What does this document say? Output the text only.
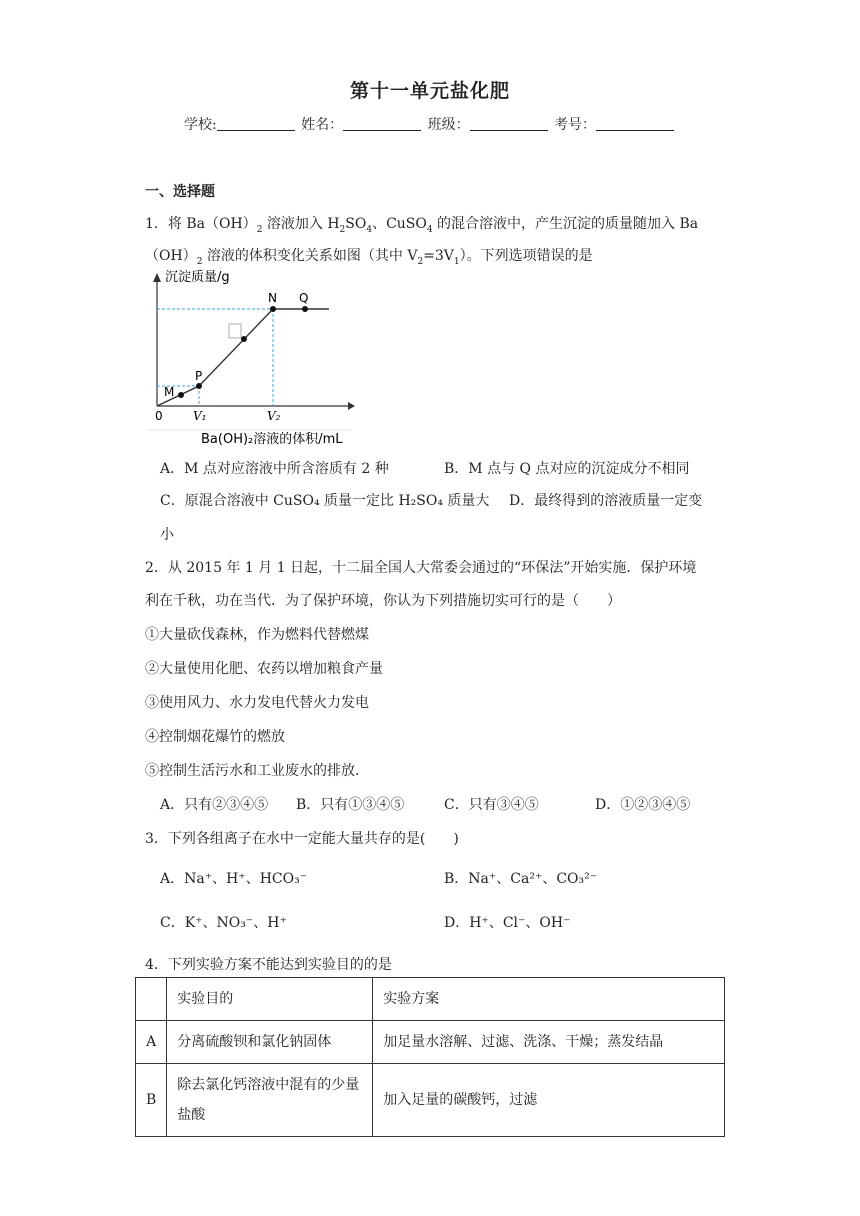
第十一单元盐化肥
学校:	姓名：	班级：	考号：
一、选择题
1．将 $Ba(OH)_2$ 溶液加入 $H_2SO_4$、CuSO$_4$ 的混合溶液中，产生沉淀的质量随加入 Ba
$(OH)_2$ 溶液的体积变化关系如图（其中 $V_2=3V_1$）。下列选项错误的是
沉淀质量/g
M
P
N Q
0	V₁	V₂
Ba(OH)₂溶液的体积/mL
A．M 点对应溶液中所含溶质有 2 种	B．M 点与 Q 点对应的沉淀成分不相同
C．原混合溶液中 CuSO₄ 质量一定比 H₂SO₄ 质量大 D．最终得到的溶液质量一定变
小
2．从 2015 年 1 月 1 日起，十二届全国人大常委会通过的“环保法”开始实施．保护环境
利在千秋，功在当代．为了保护环境，你认为下列措施切实可行的是（　　）
①大量砍伐森林，作为燃料代替燃煤
②大量使用化肥、农药以增加粮食产量
③使用风力、水力发电代替火力发电
④控制烟花爆竹的燃放
⑤控制生活污水和工业废水的排放．
A．只有②③④⑤ B．只有①③④⑤	C．只有③④⑤	D．①②③④⑤
3．下列各组离子在水中一定能大量共存的是(　　)
A．Na⁺、H⁺、HCO₃⁻	B．Na⁺、Ca²⁺、CO₃²⁻
C．K⁺、NO₃⁻、H⁺	D．H⁺、Cl⁻、OH⁻
4．下列实验方案不能达到实验目的的是
	实验目的	实验方案
A	分离硫酸钡和氯化钠固体	加足量水溶解、过滤、洗涤、干燥；蒸发结晶
B	除去氯化钙溶液中混有的少量盐酸	加入足量的碳酸钙，过滤
